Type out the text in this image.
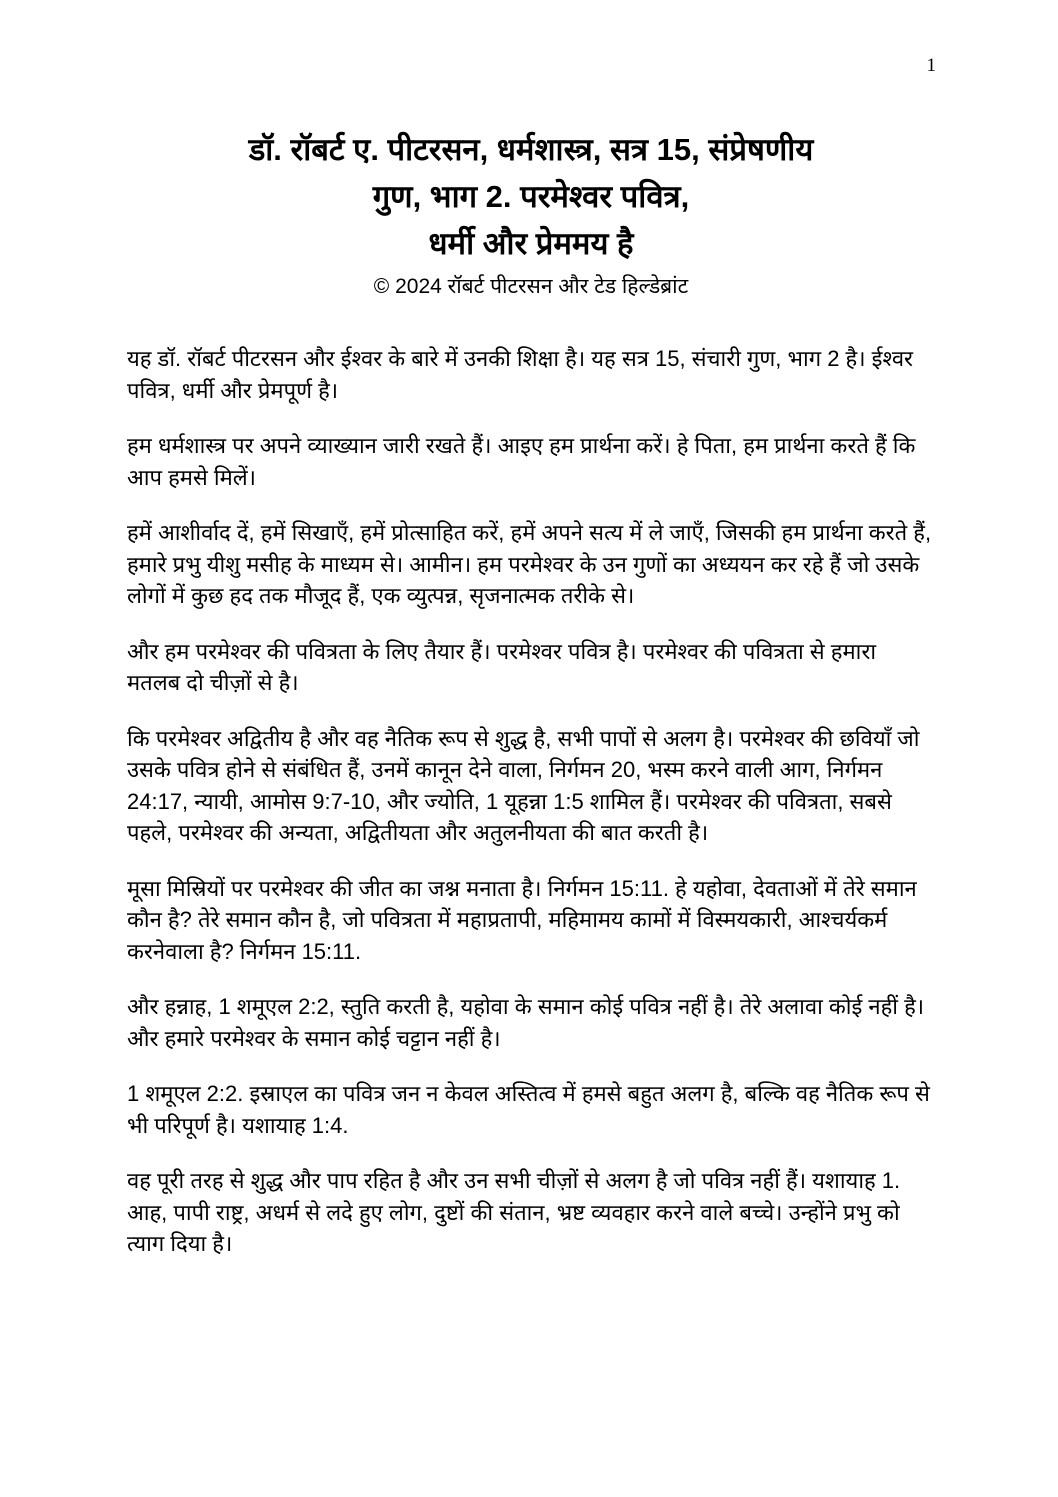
1
डॉ. रॉबर्ट ए. पीटरसन, धर्मशास्त्र, सत्र 15, संप्रेषणीय
गुण, भाग 2. परमेश्वर पवित्र,
धर्मी और प्रेममय है
© 2024 रॉबर्ट पीटरसन और टेड हिल्डेब्रांट

यह डॉ. रॉबर्ट पीटरसन और ईश्वर के बारे में उनकी शिक्षा है। यह सत्र 15, संचारी गुण, भाग 2 है। ईश्वर पवित्र, धर्मी और प्रेमपूर्ण है।

हम धर्मशास्त्र पर अपने व्याख्यान जारी रखते हैं। आइए हम प्रार्थना करें। हे पिता, हम प्रार्थना करते हैं कि आप हमसे मिलें।

हमें आशीर्वाद दें, हमें सिखाएँ, हमें प्रोत्साहित करें, हमें अपने सत्य में ले जाएँ, जिसकी हम प्रार्थना करते हैं, हमारे प्रभु यीशु मसीह के माध्यम से। आमीन। हम परमेश्वर के उन गुणों का अध्ययन कर रहे हैं जो उसके लोगों में कुछ हद तक मौजूद हैं, एक व्युत्पन्न, सृजनात्मक तरीके से।

और हम परमेश्वर की पवित्रता के लिए तैयार हैं। परमेश्वर पवित्र है। परमेश्वर की पवित्रता से हमारा मतलब दो चीज़ों से है।

कि परमेश्वर अद्वितीय है और वह नैतिक रूप से शुद्ध है, सभी पापों से अलग है। परमेश्वर की छवियाँ जो उसके पवित्र होने से संबंधित हैं, उनमें कानून देने वाला, निर्गमन 20, भस्म करने वाली आग, निर्गमन 24:17, न्यायी, आमोस 9:7-10, और ज्योति, 1 यूहन्ना 1:5 शामिल हैं। परमेश्वर की पवित्रता, सबसे पहले, परमेश्वर की अन्यता, अद्वितीयता और अतुलनीयता की बात करती है।

मूसा मिस्रियों पर परमेश्वर की जीत का जश्न मनाता है। निर्गमन 15:11. हे यहोवा, देवताओं में तेरे समान कौन है? तेरे समान कौन है, जो पवित्रता में महाप्रतापी, महिमामय कामों में विस्मयकारी, आश्चर्यकर्म करनेवाला है? निर्गमन 15:11.

और हन्नाह, 1 शमूएल 2:2, स्तुति करती है, यहोवा के समान कोई पवित्र नहीं है। तेरे अलावा कोई नहीं है। और हमारे परमेश्वर के समान कोई चट्टान नहीं है।

1 शमूएल 2:2. इस्राएल का पवित्र जन न केवल अस्तित्व में हमसे बहुत अलग है, बल्कि वह नैतिक रूप से भी परिपूर्ण है। यशायाह 1:4.

वह पूरी तरह से शुद्ध और पाप रहित है और उन सभी चीज़ों से अलग है जो पवित्र नहीं हैं। यशायाह 1. आह, पापी राष्ट्र, अधर्म से लदे हुए लोग, दुष्टों की संतान, भ्रष्ट व्यवहार करने वाले बच्चे। उन्होंने प्रभु को त्याग दिया है।
